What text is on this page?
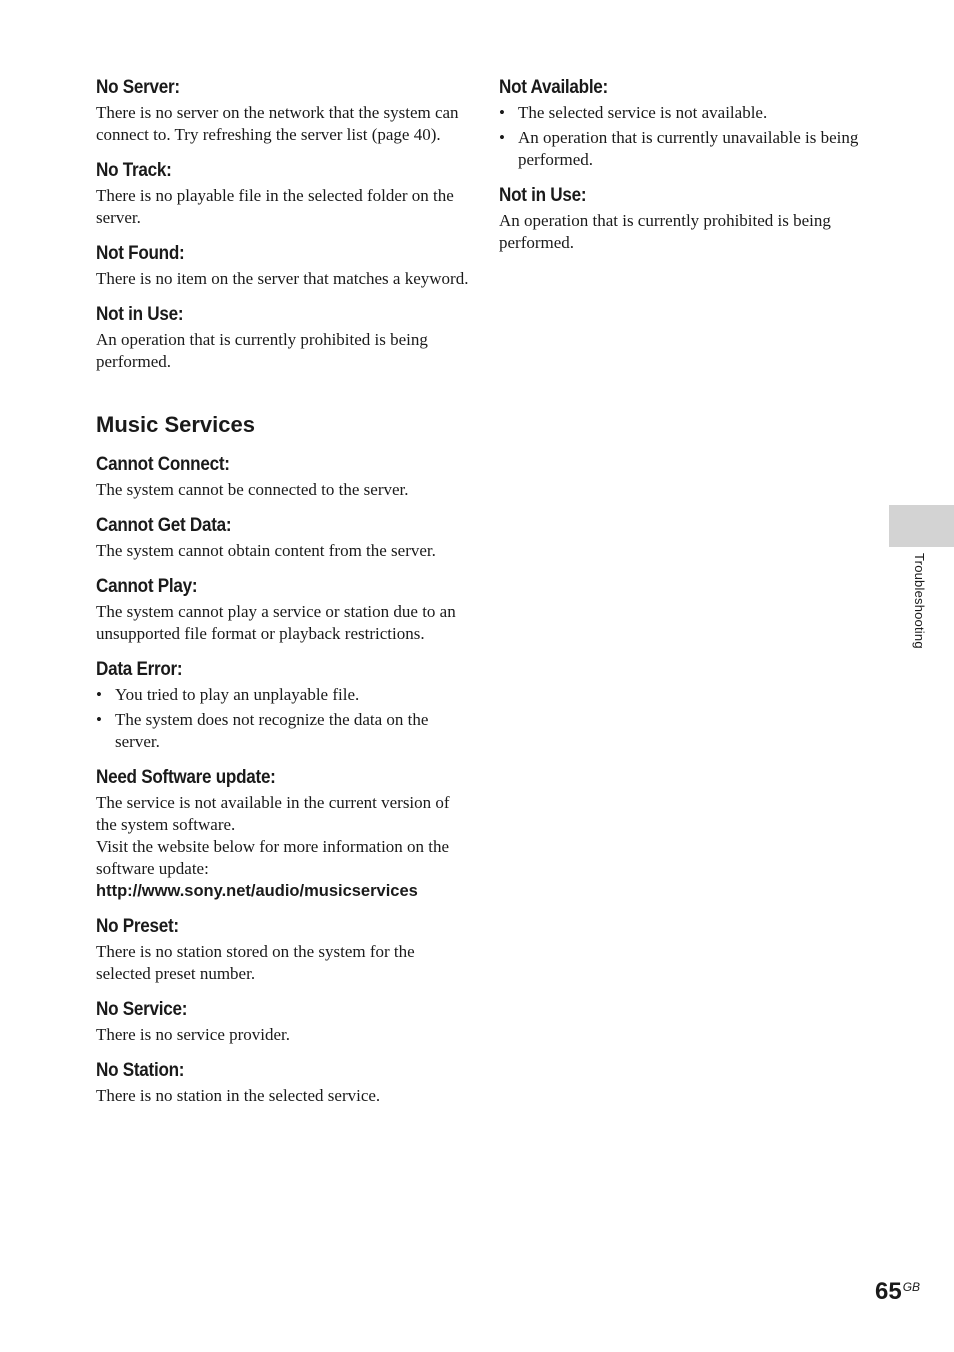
No Server:

There is no server on the network that the system can connect to. Try refreshing the server list (page 40).

No Track:

There is no playable file in the selected folder on the server.

Not Found:

There is no item on the server that matches a keyword.

Not in Use:

An operation that is currently prohibited is being performed.

Music Services
Cannot Connect:

The system cannot be connected to the server.

Cannot Get Data:

The system cannot obtain content from the server.

Cannot Play:

The system cannot play a service or station due to an unsupported file format or playback restrictions.

Data Error:
• You tried to play an unplayable file.
• The system does not recognize the data on the server.
Need Software update:

The service is not available in the current version of the system software.

Visit the website below for more information on the software update:

http://www.sony.net/audio/musicservices

No Preset:

There is no station stored on the system for the selected preset number.

No Service:

There is no service provider.

No Station:

There is no station in the selected service.

Not Available:
• The selected service is not available.
• An operation that is currently unavailable is being performed.
Not in Use:

An operation that is currently prohibited is being performed.

Troubleshooting
$65^{GB}$
